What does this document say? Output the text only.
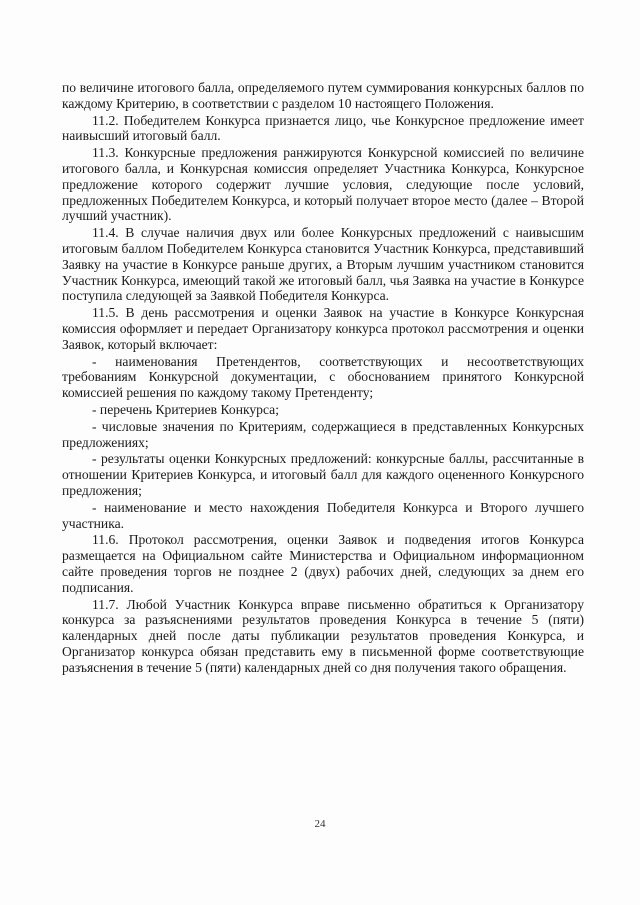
по величине итогового балла, определяемого путем суммирования конкурсных баллов по каждому Критерию, в соответствии с разделом 10 настоящего Положения.

11.2. Победителем Конкурса признается лицо, чье Конкурсное предложение имеет наивысший итоговый балл.

11.3. Конкурсные предложения ранжируются Конкурсной комиссией по величине итогового балла, и Конкурсная комиссия определяет Участника Конкурса, Конкурсное предложение которого содержит лучшие условия, следующие после условий, предложенных Победителем Конкурса, и который получает второе место (далее – Второй лучший участник).

11.4. В случае наличия двух или более Конкурсных предложений с наивысшим итоговым баллом Победителем Конкурса становится Участник Конкурса, представивший Заявку на участие в Конкурсе раньше других, а Вторым лучшим участником становится Участник Конкурса, имеющий такой же итоговый балл, чья Заявка на участие в Конкурсе поступила следующей за Заявкой Победителя Конкурса.

11.5. В день рассмотрения и оценки Заявок на участие в Конкурсе Конкурсная комиссия оформляет и передает Организатору конкурса протокол рассмотрения и оценки Заявок, который включает:

- наименования Претендентов, соответствующих и несоответствующих требованиям Конкурсной документации, с обоснованием принятого Конкурсной комиссией решения по каждому такому Претенденту;

- перечень Критериев Конкурса;

- числовые значения по Критериям, содержащиеся в представленных Конкурсных предложениях;

- результаты оценки Конкурсных предложений: конкурсные баллы, рассчитанные в отношении Критериев Конкурса, и итоговый балл для каждого оцененного Конкурсного предложения;

- наименование и место нахождения Победителя Конкурса и Второго лучшего участника.

11.6. Протокол рассмотрения, оценки Заявок и подведения итогов Конкурса размещается на Официальном сайте Министерства и Официальном информационном сайте проведения торгов не позднее 2 (двух) рабочих дней, следующих за днем его подписания.

11.7. Любой Участник Конкурса вправе письменно обратиться к Организатору конкурса за разъяснениями результатов проведения Конкурса в течение 5 (пяти) календарных дней после даты публикации результатов проведения Конкурса, и Организатор конкурса обязан представить ему в письменной форме соответствующие разъяснения в течение 5 (пяти) календарных дней со дня получения такого обращения.

24
